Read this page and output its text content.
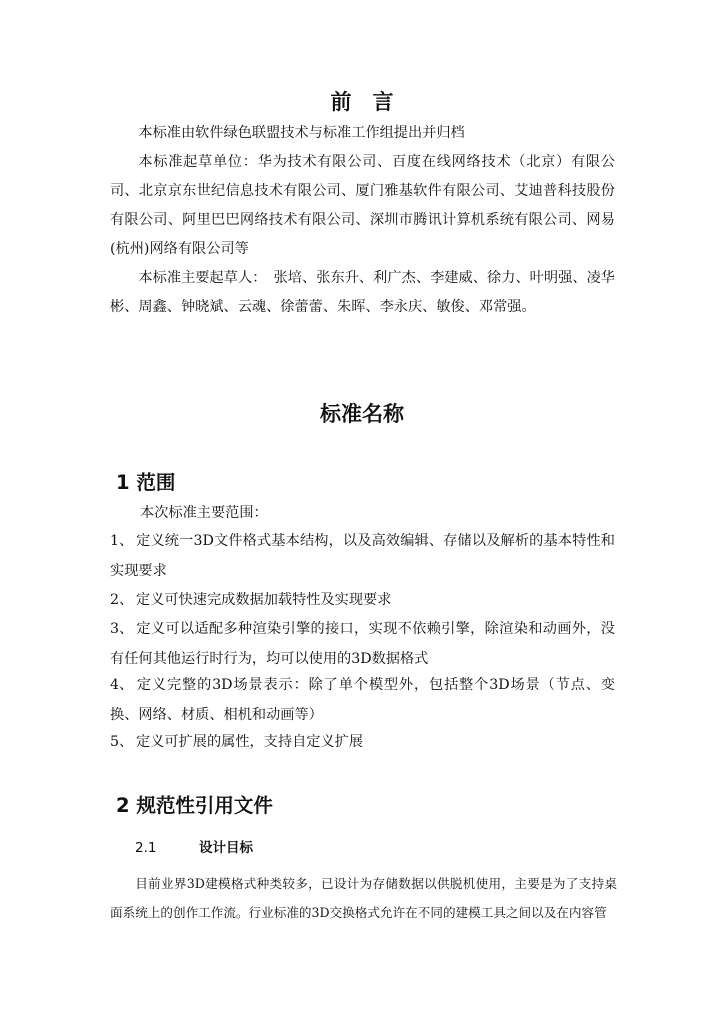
前　言

本标准由软件绿色联盟技术与标准工作组提出并归档

本标准起草单位：华为技术有限公司、百度在线网络技术（北京）有限公司、北京京东世纪信息技术有限公司、厦门雅基软件有限公司、艾迪普科技股份有限公司、阿里巴巴网络技术有限公司、深圳市腾讯计算机系统有限公司、网易(杭州)网络有限公司等

本标准主要起草人：　张培、张东升、利广杰、李建威、徐力、叶明强、凌华彬、周鑫、钟晓斌、云魂、徐蕾蕾、朱晖、李永庆、敏俊、邓常强。

标准名称
1 范围

本次标准主要范围：

1、 定义统一3D文件格式基本结构，以及高效编辑、存储以及解析的基本特性和实现要求

2、 定义可快速完成数据加载特性及实现要求

3、 定义可以适配多种渲染引擎的接口，实现不依赖引擎，除渲染和动画外，没有任何其他运行时行为，均可以使用的3D数据格式

4、 定义完整的3D场景表示：除了单个模型外，包括整个3D场景（节点、变换、网络、材质、相机和动画等）

5、 定义可扩展的属性，支持自定义扩展

2 规范性引用文件
2.1	设计目标

目前业界3D建模格式种类较多，已设计为存储数据以供脱机使用，主要是为了支持桌面系统上的创作工作流。行业标准的3D交换格式允许在不同的建模工具之间以及在内容管
